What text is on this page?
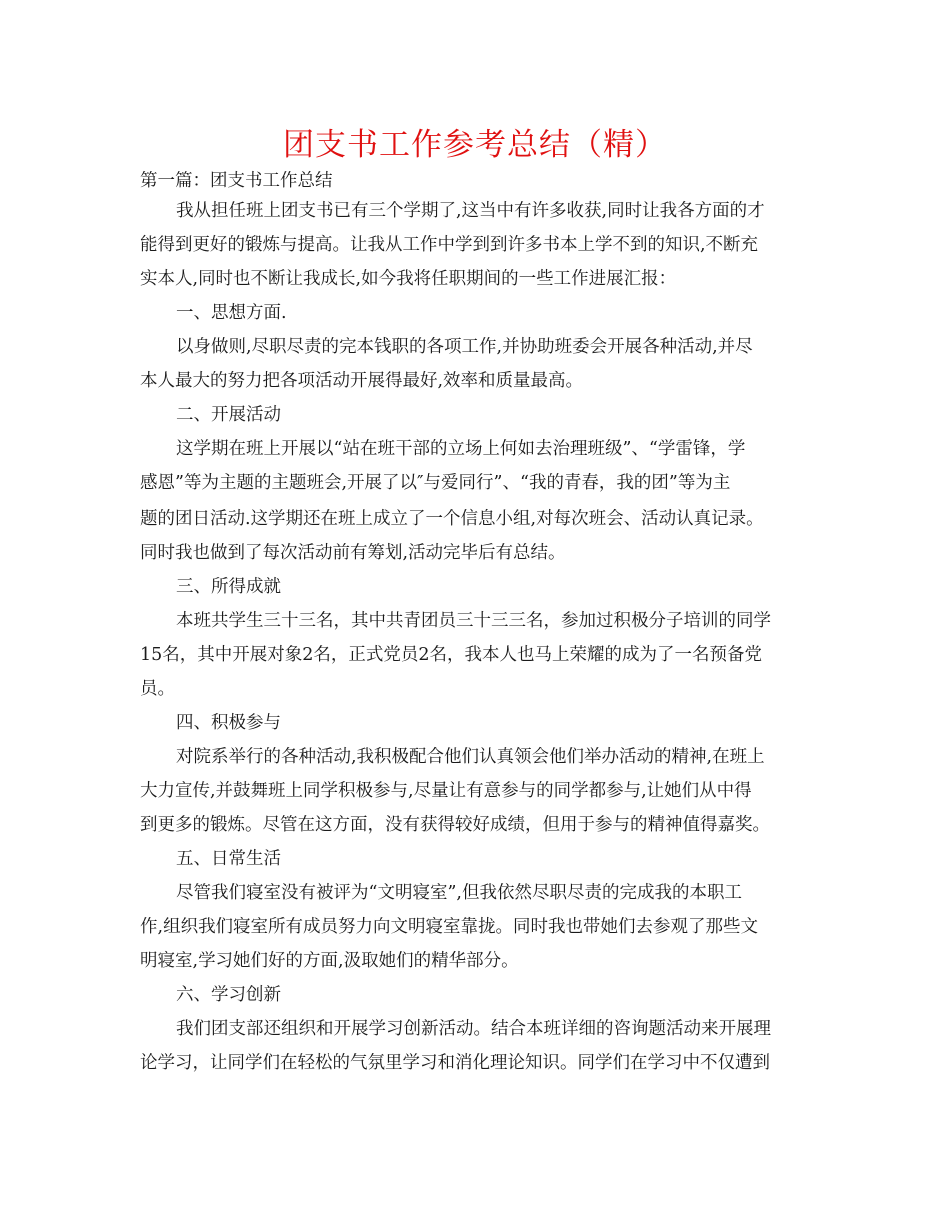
团支书工作参考总结（精）
第一篇：团支书工作总结
我从担任班上团支书已有三个学期了,这当中有许多收获,同时让我各方面的才
能得到更好的锻炼与提高。让我从工作中学到到许多书本上学不到的知识,不断充
实本人,同时也不断让我成长,如今我将任职期间的一些工作进展汇报：
一、思想方面.
以身做则,尽职尽责的完本钱职的各项工作,并协助班委会开展各种活动,并尽
本人最大的努力把各项活动开展得最好,效率和质量最高。
二、开展活动
这学期在班上开展以“站在班干部的立场上何如去治理班级”、“学雷锋，学
感恩”等为主题的主题班会,开展了以″与爱同行”、“我的青春，我的团”等为主
题的团日活动.这学期还在班上成立了一个信息小组,对每次班会、活动认真记录。
同时我也做到了每次活动前有筹划,活动完毕后有总结。
三、所得成就
本班共学生三十三名，其中共青团员三十三三名，参加过积极分子培训的同学
15名，其中开展对象2名，正式党员2名，我本人也马上荣耀的成为了一名预备党
员。
四、积极参与
对院系举行的各种活动,我积极配合他们认真领会他们举办活动的精神,在班上
大力宣传,并鼓舞班上同学积极参与,尽量让有意参与的同学都参与,让她们从中得
到更多的锻炼。尽管在这方面，没有获得较好成绩，但用于参与的精神值得嘉奖。
五、日常生活
尽管我们寝室没有被评为“文明寝室”,但我依然尽职尽责的完成我的本职工
作,组织我们寝室所有成员努力向文明寝室靠拢。同时我也带她们去参观了那些文
明寝室,学习她们好的方面,汲取她们的精华部分。
六、学习创新
我们团支部还组织和开展学习创新活动。结合本班详细的咨询题活动来开展理
论学习，让同学们在轻松的气氛里学习和消化理论知识。同学们在学习中不仅遭到
